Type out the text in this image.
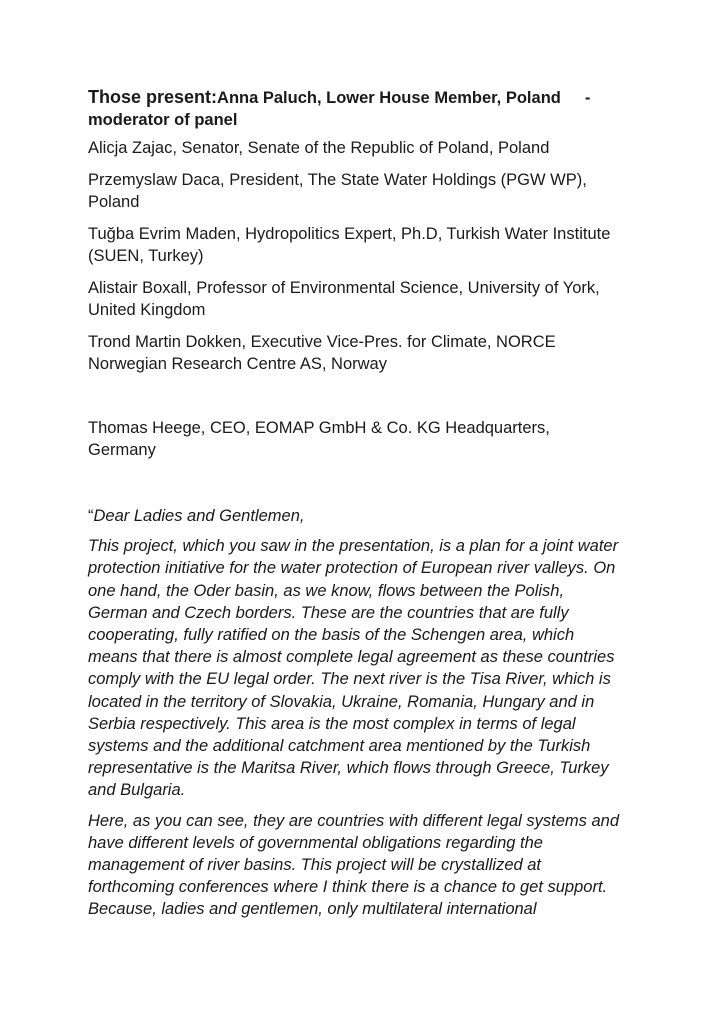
Those present:Anna Paluch, Lower House Member, Poland -
moderator of panel

Alicja Zajac, Senator, Senate of the Republic of Poland, Poland

Przemyslaw Daca, President, The State Water Holdings (PGW WP),
Poland

Tuğba Evrim Maden, Hydropolitics Expert, Ph.D, Turkish Water Institute
(SUEN, Turkey)

Alistair Boxall, Professor of Environmental Science, University of York,
United Kingdom

Trond Martin Dokken, Executive Vice-Pres. for Climate, NORCE
Norwegian Research Centre AS, Norway

Thomas Heege, CEO, EOMAP GmbH & Co. KG Headquarters,
Germany

“Dear Ladies and Gentlemen,

This project, which you saw in the presentation, is a plan for a joint water
protection initiative for the water protection of European river valleys. On
one hand, the Oder basin, as we know, flows between the Polish,
German and Czech borders. These are the countries that are fully
cooperating, fully ratified on the basis of the Schengen area, which
means that there is almost complete legal agreement as these countries
comply with the EU legal order. The next river is the Tisa River, which is
located in the territory of Slovakia, Ukraine, Romania, Hungary and in
Serbia respectively. This area is the most complex in terms of legal
systems and the additional catchment area mentioned by the Turkish
representative is the Maritsa River, which flows through Greece, Turkey
and Bulgaria.

Here, as you can see, they are countries with different legal systems and
have different levels of governmental obligations regarding the
management of river basins. This project will be crystallized at
forthcoming conferences where I think there is a chance to get support.
Because, ladies and gentlemen, only multilateral international
